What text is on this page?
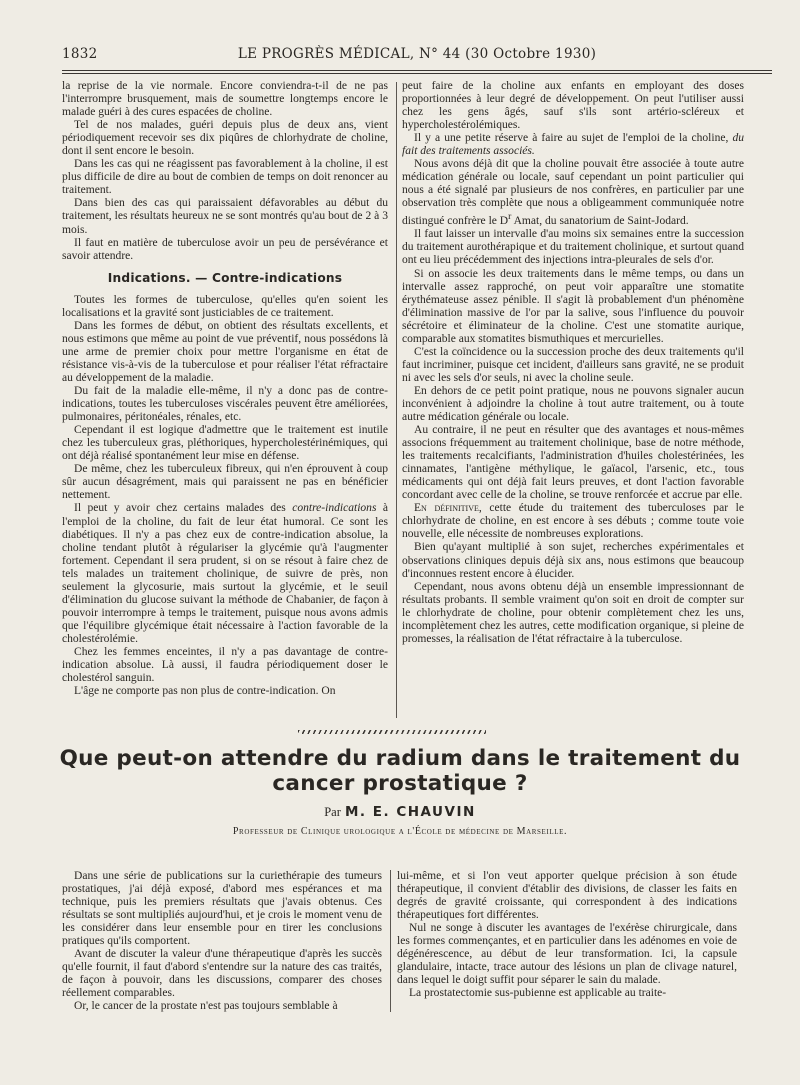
1832	LE PROGRÈS MÉDICAL, N° 44 (30 Octobre 1930)

la reprise de la vie normale. Encore conviendra-t-il de ne pas l'interrompre brusquement, mais de soumettre longtemps encore le malade guéri à des cures espacées de choline.

Tel de nos malades, guéri depuis plus de deux ans, vient périodiquement recevoir ses dix piqûres de chlorhydrate de choline, dont il sent encore le besoin.

Dans les cas qui ne réagissent pas favorablement à la choline, il est plus difficile de dire au bout de combien de temps on doit renoncer au traitement.

Dans bien des cas qui paraissaient défavorables au début du traitement, les résultats heureux ne se sont montrés qu'au bout de 2 à 3 mois.

Il faut en matière de tuberculose avoir un peu de persévérance et savoir attendre.

Indications. — Contre-indications

Toutes les formes de tuberculose, qu'elles qu'en soient les localisations et la gravité sont justiciables de ce traitement.

Dans les formes de début, on obtient des résultats excellents, et nous estimons que même au point de vue préventif, nous possédons là une arme de premier choix pour mettre l'organisme en état de résistance vis-à-vis de la tuberculose et pour réaliser l'état réfractaire au développement de la maladie.

Du fait de la maladie elle-même, il n'y a donc pas de contre-indications, toutes les tuberculoses viscérales peuvent être améliorées, pulmonaires, péritonéales, rénales, etc.

Cependant il est logique d'admettre que le traitement est inutile chez les tuberculeux gras, pléthoriques, hypercholestérinémiques, qui ont déjà réalisé spontanément leur mise en défense.

De même, chez les tuberculeux fibreux, qui n'en éprouvent à coup sûr aucun désagrément, mais qui paraissent ne pas en bénéficier nettement.

Il peut y avoir chez certains malades des contre-indications à l'emploi de la choline, du fait de leur état humoral. Ce sont les diabétiques. Il n'y a pas chez eux de contre-indication absolue, la choline tendant plutôt à régulariser la glycémie qu'à l'augmenter fortement. Cependant il sera prudent, si on se résout à faire chez de tels malades un traitement cholinique, de suivre de près, non seulement la glycosurie, mais surtout la glycémie, et le seuil d'élimination du glucose suivant la méthode de Chabanier, de façon à pouvoir interrompre à temps le traitement, puisque nous avons admis que l'équilibre glycémique était nécessaire à l'action favorable de la cholestérolémie.

Chez les femmes enceintes, il n'y a pas davantage de contre-indication absolue. Là aussi, il faudra périodiquement doser le cholestérol sanguin.

L'âge ne comporte pas non plus de contre-indication. On

peut faire de la choline aux enfants en employant des doses proportionnées à leur degré de développement. On peut l'utiliser aussi chez les gens âgés, sauf s'ils sont artério-scléreux et hypercholestérolémiques.

Il y a une petite réserve à faire au sujet de l'emploi de la choline, du fait des traitements associés.

Nous avons déjà dit que la choline pouvait être associée à toute autre médication générale ou locale, sauf cependant un point particulier qui nous a été signalé par plusieurs de nos confrères, en particulier par une observation très complète que nous a obligeamment communiquée notre distingué confrère le $D^r$ Amat, du sanatorium de Saint-Jodard.

Il faut laisser un intervalle d'au moins six semaines entre la succession du traitement aurothérapique et du traitement cholinique, et surtout quand ont eu lieu précédemment des injections intra-pleurales de sels d'or.

Si on associe les deux traitements dans le même temps, ou dans un intervalle assez rapproché, on peut voir apparaître une stomatite érythémateuse assez pénible. Il s'agit là probablement d'un phénomène d'élimination massive de l'or par la salive, sous l'influence du pouvoir sécrétoire et éliminateur de la choline. C'est une stomatite aurique, comparable aux stomatites bismuthiques et mercurielles.

C'est la coïncidence ou la succession proche des deux traitements qu'il faut incriminer, puisque cet incident, d'ailleurs sans gravité, ne se produit ni avec les sels d'or seuls, ni avec la choline seule.

En dehors de ce petit point pratique, nous ne pouvons signaler aucun inconvénient à adjoindre la choline à tout autre traitement, ou à toute autre médication générale ou locale.

Au contraire, il ne peut en résulter que des avantages et nous-mêmes associons fréquemment au traitement cholinique, base de notre méthode, les traitements recalcifiants, l'administration d'huiles cholestérinées, les cinnamates, l'antigène méthylique, le gaïacol, l'arsenic, etc., tous médicaments qui ont déjà fait leurs preuves, et dont l'action favorable concordant avec celle de la choline, se trouve renforcée et accrue par elle.

En définitive, cette étude du traitement des tuberculoses par le chlorhydrate de choline, en est encore à ses débuts ; comme toute voie nouvelle, elle nécessite de nombreuses explorations.

Bien qu'ayant multiplié à son sujet, recherches expérimentales et observations cliniques depuis déjà six ans, nous estimons que beaucoup d'inconnues restent encore à élucider.

Cependant, nous avons obtenu déjà un ensemble impressionnant de résultats probants. Il semble vraiment qu'on soit en droit de compter sur le chlorhydrate de choline, pour obtenir complètement chez les uns, incomplètement chez les autres, cette modification organique, si pleine de promesses, la réalisation de l'état réfractaire à la tuberculose.

Que peut-on attendre du radium dans le traitement du cancer prostatique ?
Par M. E. CHAUVIN
Professeur de Clinique urologique a l'École de médecine de Marseille.

Dans une série de publications sur la curiethérapie des tumeurs prostatiques, j'ai déjà exposé, d'abord mes espérances et ma technique, puis les premiers résultats que j'avais obtenus. Ces résultats se sont multipliés aujourd'hui, et je crois le moment venu de les considérer dans leur ensemble pour en tirer les conclusions pratiques qu'ils comportent.

Avant de discuter la valeur d'une thérapeutique d'après les succès qu'elle fournit, il faut d'abord s'entendre sur la nature des cas traités, de façon à pouvoir, dans les discussions, comparer des choses réellement comparables.

Or, le cancer de la prostate n'est pas toujours semblable à

lui-même, et si l'on veut apporter quelque précision à son étude thérapeutique, il convient d'établir des divisions, de classer les faits en degrés de gravité croissante, qui correspondent à des indications thérapeutiques fort différentes.

Nul ne songe à discuter les avantages de l'exérèse chirurgicale, dans les formes commençantes, et en particulier dans les adénomes en voie de dégénérescence, au début de leur transformation. Ici, la capsule glandulaire, intacte, trace autour des lésions un plan de clivage naturel, dans lequel le doigt suffit pour séparer le sain du malade.

La prostatectomie sus-pubienne est applicable au traite-
